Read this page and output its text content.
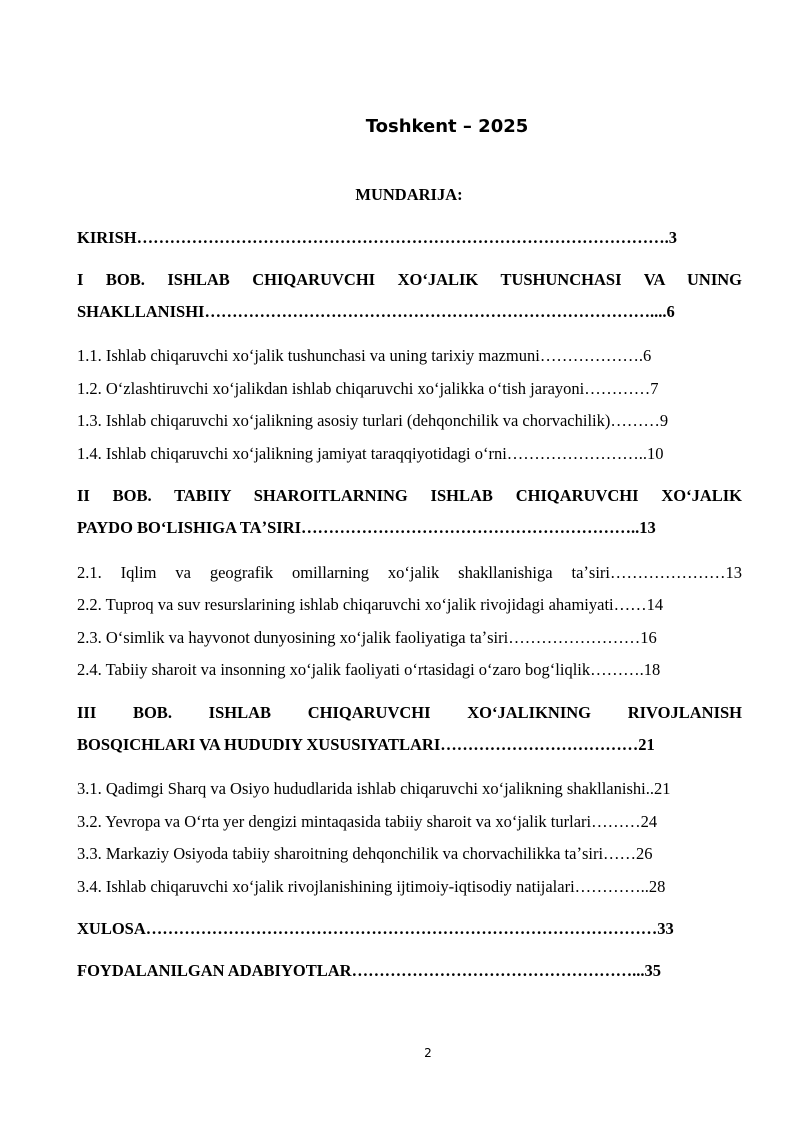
Toshkent – 2025
MUNDARIJA:
KIRISH…………………………………………………………………………………….3
I BOB. ISHLAB CHIQARUVCHI XOʻJALIK TUSHUNCHASI VA UNING
SHAKLLANISHI………………………………………………………………………....6
1.1. Ishlab chiqaruvchi xoʻjalik tushunchasi va uning tarixiy mazmuni……………….6
1.2. Oʻzlashtiruvchi xoʻjalikdan ishlab chiqaruvchi xoʻjalikka oʻtish jarayoni…………7
1.3. Ishlab chiqaruvchi xoʻjalikning asosiy turlari (dehqonchilik va chorvachilik)………9
1.4. Ishlab chiqaruvchi xoʻjalikning jamiyat taraqqiyotidagi oʻrni……………………..10
II BOB. TABIIY SHAROITLARNING ISHLAB CHIQARUVCHI XOʻJALIK
PAYDO BOʻLISHIGA TAʼSIRI……………………………………………………..13
2.1. Iqlim va geografik omillarning xoʻjalik shakllanishiga taʼsiri…………………13
2.2. Tuproq va suv resurslarining ishlab chiqaruvchi xoʻjalik rivojidagi ahamiyati……14
2.3. Oʻsimlik va hayvonot dunyosining xoʻjalik faoliyatiga taʼsiri……………………16
2.4. Tabiiy sharoit va insonning xoʻjalik faoliyati oʻrtasidagi oʻzaro bogʻliqlik……….18
III BOB. ISHLAB CHIQARUVCHI XOʻJALIKNING RIVOJLANISH
BOSQICHLARI VA HUDUDIY XUSUSIYATLARI………………………………21
3.1. Qadimgi Sharq va Osiyo hududlarida ishlab chiqaruvchi xoʻjalikning shakllanishi..21
3.2. Yevropa va Oʻrta yer dengizi mintaqasida tabiiy sharoit va xoʻjalik turlari………24
3.3. Markaziy Osiyoda tabiiy sharoitning dehqonchilik va chorvachilikka taʼsiri……26
3.4. Ishlab chiqaruvchi xoʻjalik rivojlanishining ijtimoiy-iqtisodiy natijalari…………..28
XULOSA…………………………………………………………………………………33
FOYDALANILGAN ADABIYOTLAR……………………………………………...35
2
